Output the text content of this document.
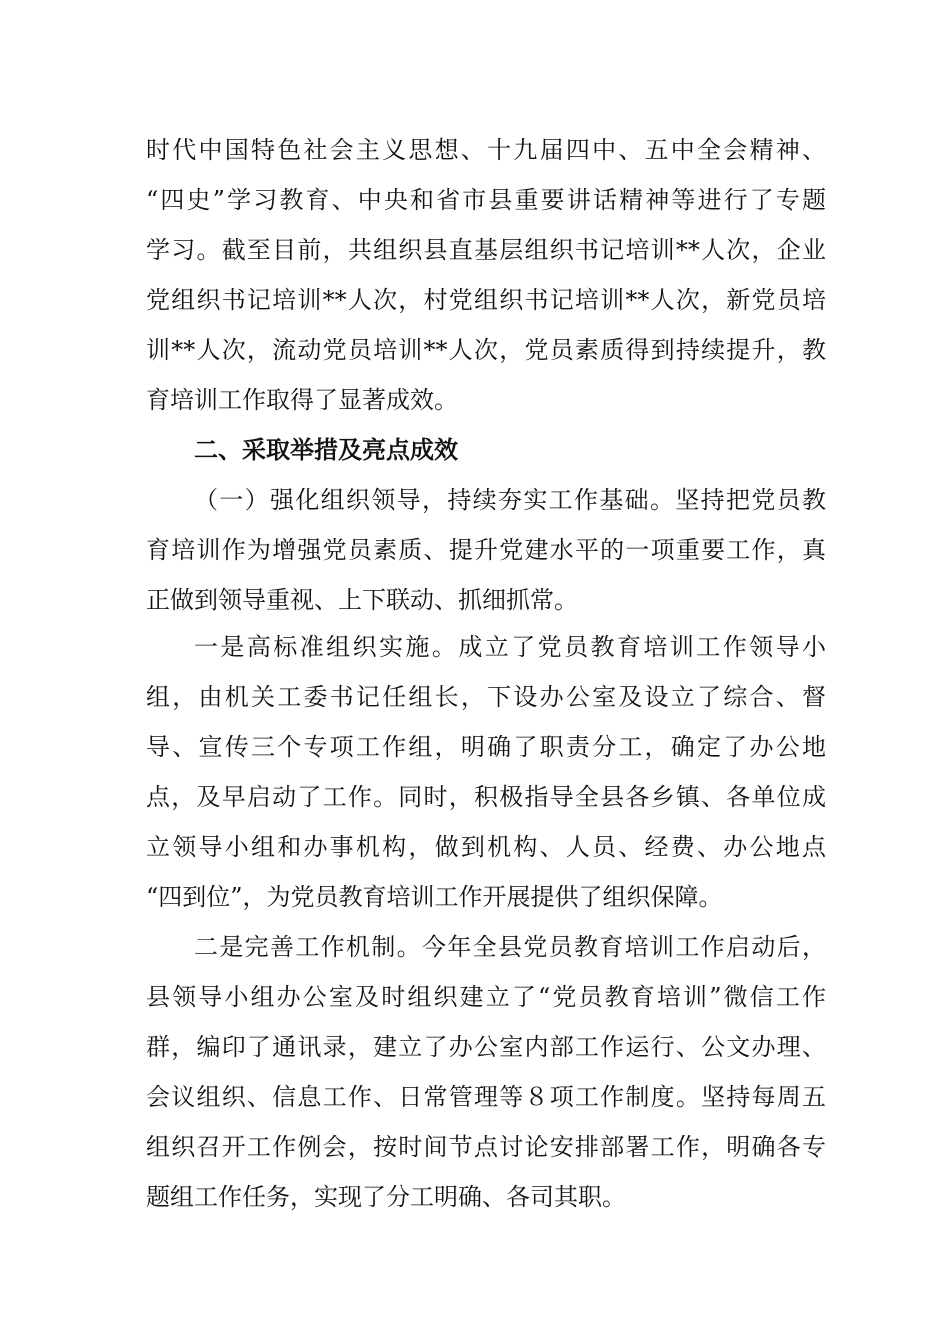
时代中国特色社会主义思想、十九届四中、五中全会精神、
“四史”学习教育、中央和省市县重要讲话精神等进行了专题
学习。截至目前，共组织县直基层组织书记培训**人次，企业
党组织书记培训**人次，村党组织书记培训**人次，新党员培
训**人次，流动党员培训**人次，党员素质得到持续提升，教
育培训工作取得了显著成效。
二、采取举措及亮点成效
（一）强化组织领导，持续夯实工作基础。坚持把党员教
育培训作为增强党员素质、提升党建水平的一项重要工作，真
正做到领导重视、上下联动、抓细抓常。
一是高标准组织实施。成立了党员教育培训工作领导小
组，由机关工委书记任组长，下设办公室及设立了综合、督
导、宣传三个专项工作组，明确了职责分工，确定了办公地
点，及早启动了工作。同时，积极指导全县各乡镇、各单位成
立领导小组和办事机构，做到机构、人员、经费、办公地点
“四到位”，为党员教育培训工作开展提供了组织保障。
二是完善工作机制。今年全县党员教育培训工作启动后，
县领导小组办公室及时组织建立了“党员教育培训”微信工作
群，编印了通讯录，建立了办公室内部工作运行、公文办理、
会议组织、信息工作、日常管理等８项工作制度。坚持每周五
组织召开工作例会，按时间节点讨论安排部署工作，明确各专
题组工作任务，实现了分工明确、各司其职。
